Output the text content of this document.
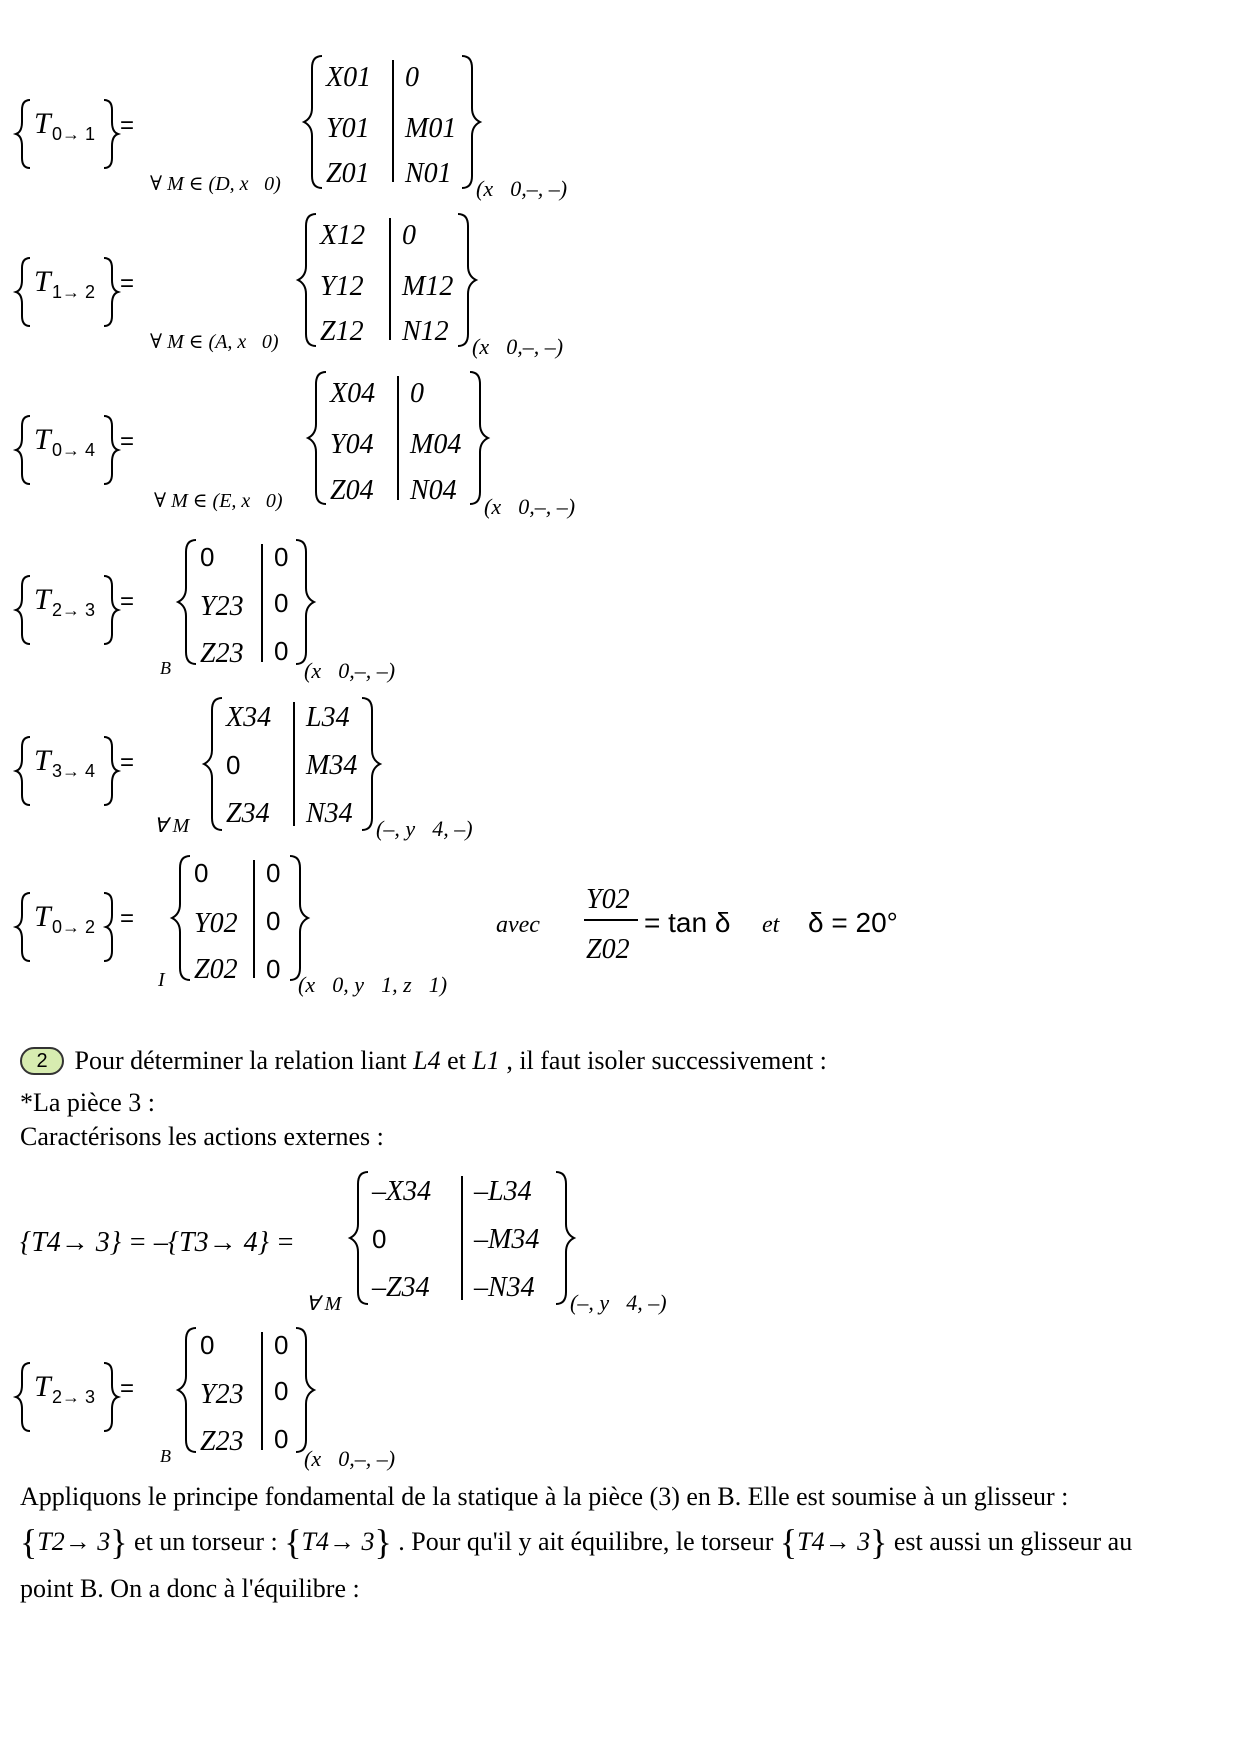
T 0→ 1 =
∀ M ∈ (D, x⃗0)
X01
Y01
Z01
0
M01
N01 (x⃗0,–, –)
T 1→ 2 =
∀ M ∈ (A, x⃗0)
X12
Y12
Z12
0
M12
N12 (x⃗0,–, –)
T 0→ 4 =
∀ M ∈ (E, x⃗0)
X04
Y04
Z04
0
M04
N04
(x⃗0,–, –)
T 2→ 3 =
B
0
Y23
Z23
0
0
0
(x⃗0,–, –)
T 3→ 4 =
∀ M
X34
0
Z34
L34
M34
N34 (–, y⃗4, –)
T 0→ 2 =
I
0
Y02
Z02
0
0
0
(x⃗0, y⃗1, z⃗1)
avec
Y02
Z02
= tan δ et δ = 20°
{T4→ 3} = –{T3→ 4} =
∀ M
–X34
0
–Z34
–L34
–M34
–N34 (–, y⃗4, –)
T 2→ 3 =
B
0
Y23
Z23
0
0
0
(x⃗0,–, –)
2 Pour déterminer la relation liant L4 et L1 , il faut isoler successivement :
*La pièce 3 :
Caractérisons les actions externes :
Appliquons le principe fondamental de la statique à la pièce (3) en B. Elle est soumise à un glisseur :
{T2→ 3} et un torseur : {T4→ 3} . Pour qu'il y ait équilibre, le torseur {T4→ 3} est aussi un glisseur au
point B. On a donc à l'équilibre :
